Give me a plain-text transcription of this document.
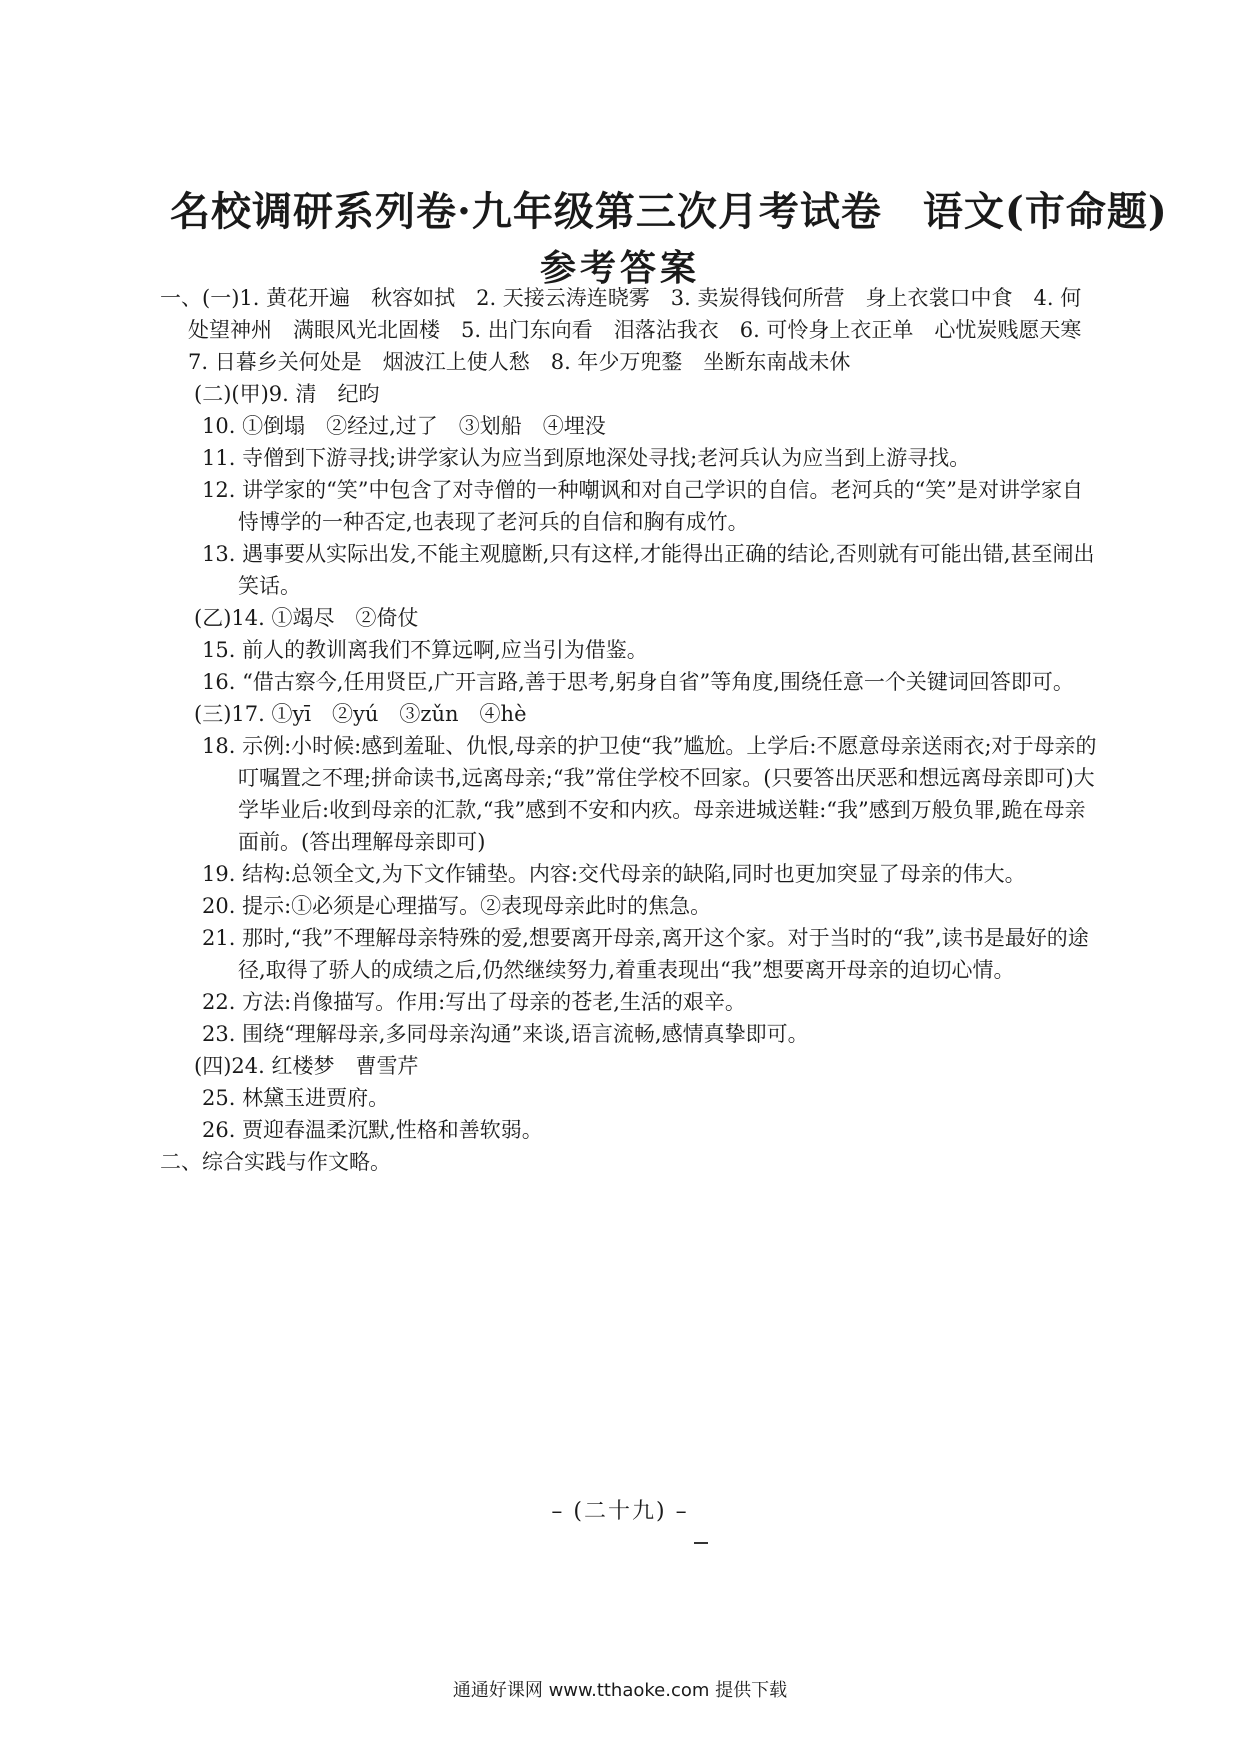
名校调研系列卷·九年级第三次月考试卷　语文(市命题)
参考答案

一、(一)1. 黄花开遍　秋容如拭　2. 天接云涛连晓雾　3. 卖炭得钱何所营　身上衣裳口中食　4. 何处望神州　满眼风光北固楼　5. 出门东向看　泪落沾我衣　6. 可怜身上衣正单　心忧炭贱愿天寒　7. 日暮乡关何处是　烟波江上使人愁　8. 年少万兜鍪　坐断东南战未休

(二)(甲)9. 清　纪昀

10. ①倒塌　②经过,过了　③划船　④埋没

11. 寺僧到下游寻找;讲学家认为应当到原地深处寻找;老河兵认为应当到上游寻找。

12. 讲学家的“笑”中包含了对寺僧的一种嘲讽和对自己学识的自信。老河兵的“笑”是对讲学家自恃博学的一种否定,也表现了老河兵的自信和胸有成竹。

13. 遇事要从实际出发,不能主观臆断,只有这样,才能得出正确的结论,否则就有可能出错,甚至闹出笑话。

(乙)14. ①竭尽　②倚仗

15. 前人的教训离我们不算远啊,应当引为借鉴。

16. “借古察今,任用贤臣,广开言路,善于思考,躬身自省”等角度,围绕任意一个关键词回答即可。

(三)17. ①yī　②yú　③zǔn　④hè

18. 示例:小时候:感到羞耻、仇恨,母亲的护卫使“我”尴尬。上学后:不愿意母亲送雨衣;对于母亲的叮嘱置之不理;拼命读书,远离母亲;“我”常住学校不回家。(只要答出厌恶和想远离母亲即可)大学毕业后:收到母亲的汇款,“我”感到不安和内疚。母亲进城送鞋:“我”感到万般负罪,跪在母亲面前。(答出理解母亲即可)

19. 结构:总领全文,为下文作铺垫。内容:交代母亲的缺陷,同时也更加突显了母亲的伟大。

20. 提示:①必须是心理描写。②表现母亲此时的焦急。

21. 那时,“我”不理解母亲特殊的爱,想要离开母亲,离开这个家。对于当时的“我”,读书是最好的途径,取得了骄人的成绩之后,仍然继续努力,着重表现出“我”想要离开母亲的迫切心情。

22. 方法:肖像描写。作用:写出了母亲的苍老,生活的艰辛。

23. 围绕“理解母亲,多同母亲沟通”来谈,语言流畅,感情真挚即可。

(四)24. 红楼梦　曹雪芹

25. 林黛玉进贾府。

26. 贾迎春温柔沉默,性格和善软弱。

二、综合实践与作文略。

– (二十九) –
通通好课网 www.tthaoke.com 提供下载
